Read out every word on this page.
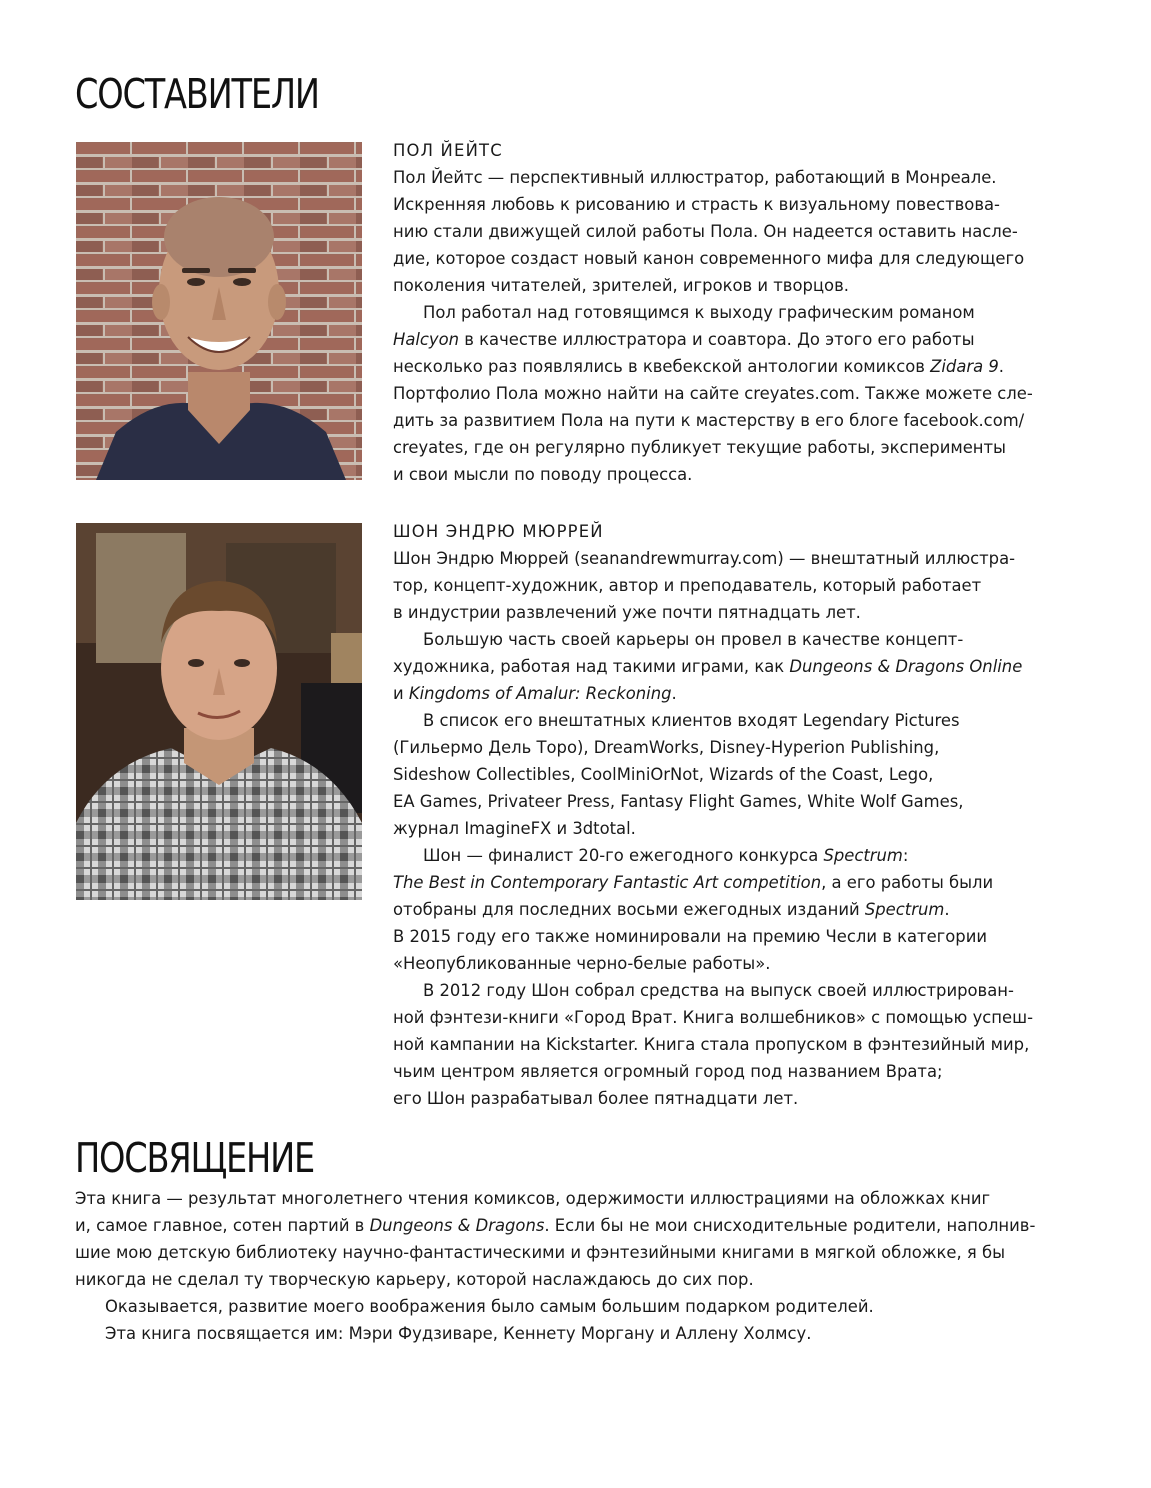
СОСТАВИТЕЛИ
ПОЛ ЙЕЙТС
Пол Йейтс — перспективный иллюстратор, работающий в Монреале.
Искренняя любовь к рисованию и страсть к визуальному повествова-
нию стали движущей силой работы Пола. Он надеется оставить насле-
дие, которое создаст новый канон современного мифа для следующего
поколения читателей, зрителей, игроков и творцов.
Пол работал над готовящимся к выходу графическим романом
Halcyon в качестве иллюстратора и соавтора. До этого его работы
несколько раз появлялись в квебекской антологии комиксов Zidara 9.
Портфолио Пола можно найти на сайте creyates.com. Также можете сле-
дить за развитием Пола на пути к мастерству в его блоге facebook.com/
creyates, где он регулярно публикует текущие работы, эксперименты
и свои мысли по поводу процесса.
ШОН ЭНДРЮ МЮРРЕЙ
Шон Эндрю Мюррей (seanandrewmurray.com) — внештатный иллюстра-
тор, концепт-художник, автор и преподаватель, который работает
в индустрии развлечений уже почти пятнадцать лет.
Большую часть своей карьеры он провел в качестве концепт-
художника, работая над такими играми, как Dungeons & Dragons Online
и Kingdoms of Amalur: Reckoning.
В список его внештатных клиентов входят Legendary Pictures
(Гильермо Дель Торо), DreamWorks, Disney-Hyperion Publishing,
Sideshow Collectibles, CoolMiniOrNot, Wizards of the Coast, Lego,
EA Games, Privateer Press, Fantasy Flight Games, White Wolf Games,
журнал ImagineFX и 3dtotal.
Шон — финалист 20-го ежегодного конкурса Spectrum:
The Best in Contemporary Fantastic Art competition, а его работы были
отобраны для последних восьми ежегодных изданий Spectrum.
В 2015 году его также номинировали на премию Чесли в категории
«Неопубликованные черно-белые работы».
В 2012 году Шон собрал средства на выпуск своей иллюстрирован-
ной фэнтези-книги «Город Врат. Книга волшебников» с помощью успеш-
ной кампании на Kickstarter. Книга стала пропуском в фэнтезийный мир,
чьим центром является огромный город под названием Врата;
его Шон разрабатывал более пятнадцати лет.
ПОСВЯЩЕНИЕ
Эта книга — результат многолетнего чтения комиксов, одержимости иллюстрациями на обложках книг
и, самое главное, сотен партий в Dungeons & Dragons. Если бы не мои снисходительные родители, наполнив-
шие мою детскую библиотеку научно-фантастическими и фэнтезийными книгами в мягкой обложке, я бы
никогда не сделал ту творческую карьеру, которой наслаждаюсь до сих пор.
Оказывается, развитие моего воображения было самым большим подарком родителей.
Эта книга посвящается им: Мэри Фудзиваре, Кеннету Моргану и Аллену Холмсу.
